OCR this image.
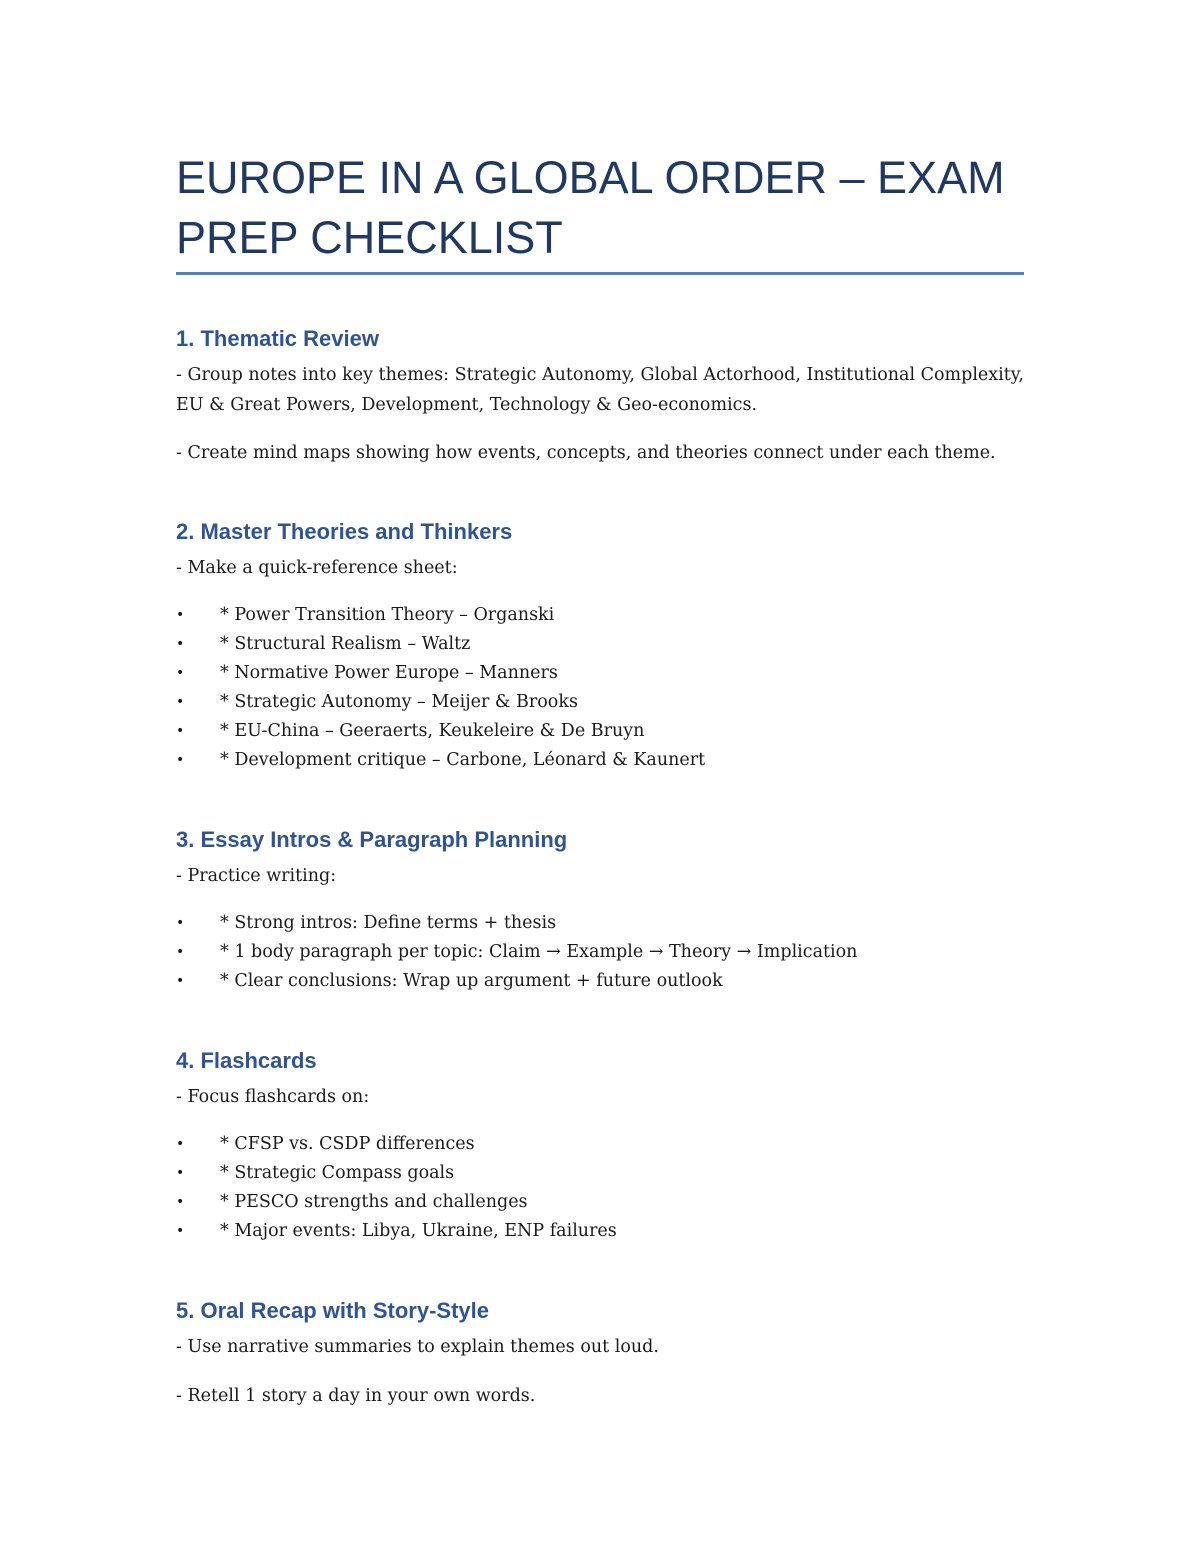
EUROPE IN A GLOBAL ORDER – EXAM PREP CHECKLIST
1. Thematic Review
- Group notes into key themes: Strategic Autonomy, Global Actorhood, Institutional Complexity, EU & Great Powers, Development, Technology & Geo-economics.
- Create mind maps showing how events, concepts, and theories connect under each theme.
2. Master Theories and Thinkers
- Make a quick-reference sheet:
•	* Power Transition Theory – Organski
•	* Structural Realism – Waltz
•	* Normative Power Europe – Manners
•	* Strategic Autonomy – Meijer & Brooks
•	* EU-China – Geeraerts, Keukeleire & De Bruyn
•	* Development critique – Carbone, Léonard & Kaunert
3. Essay Intros & Paragraph Planning
- Practice writing:
•	* Strong intros: Define terms + thesis
•	* 1 body paragraph per topic: Claim → Example → Theory → Implication
•	* Clear conclusions: Wrap up argument + future outlook
4. Flashcards
- Focus flashcards on:
•	* CFSP vs. CSDP differences
•	* Strategic Compass goals
•	* PESCO strengths and challenges
•	* Major events: Libya, Ukraine, ENP failures
5. Oral Recap with Story-Style
- Use narrative summaries to explain themes out loud.
- Retell 1 story a day in your own words.
